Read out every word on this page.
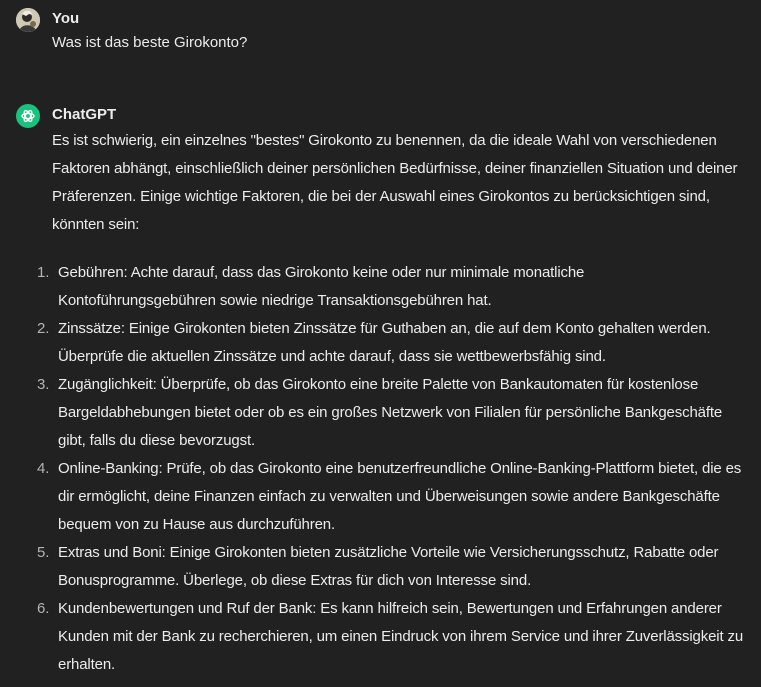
You
Was ist das beste Girokonto?
ChatGPT

Es ist schwierig, ein einzelnes "bestes" Girokonto zu benennen, da die ideale Wahl von verschiedenen Faktoren abhängt, einschließlich deiner persönlichen Bedürfnisse, deiner finanziellen Situation und deiner Präferenzen. Einige wichtige Faktoren, die bei der Auswahl eines Girokontos zu berücksichtigen sind, könnten sein:

1. Gebühren: Achte darauf, dass das Girokonto keine oder nur minimale monatliche Kontoführungsgebühren sowie niedrige Transaktionsgebühren hat.
2. Zinssätze: Einige Girokonten bieten Zinssätze für Guthaben an, die auf dem Konto gehalten werden. Überprüfe die aktuellen Zinssätze und achte darauf, dass sie wettbewerbsfähig sind.
3. Zugänglichkeit: Überprüfe, ob das Girokonto eine breite Palette von Bankautomaten für kostenlose Bargeldabhebungen bietet oder ob es ein großes Netzwerk von Filialen für persönliche Bankgeschäfte gibt, falls du diese bevorzugst.
4. Online-Banking: Prüfe, ob das Girokonto eine benutzerfreundliche Online-Banking-Plattform bietet, die es dir ermöglicht, deine Finanzen einfach zu verwalten und Überweisungen sowie andere Bankgeschäfte bequem von zu Hause aus durchzuführen.
5. Extras und Boni: Einige Girokonten bieten zusätzliche Vorteile wie Versicherungsschutz, Rabatte oder Bonusprogramme. Überlege, ob diese Extras für dich von Interesse sind.
6. Kundenbewertungen und Ruf der Bank: Es kann hilfreich sein, Bewertungen und Erfahrungen anderer Kunden mit der Bank zu recherchieren, um einen Eindruck von ihrem Service und ihrer Zuverlässigkeit zu erhalten.
